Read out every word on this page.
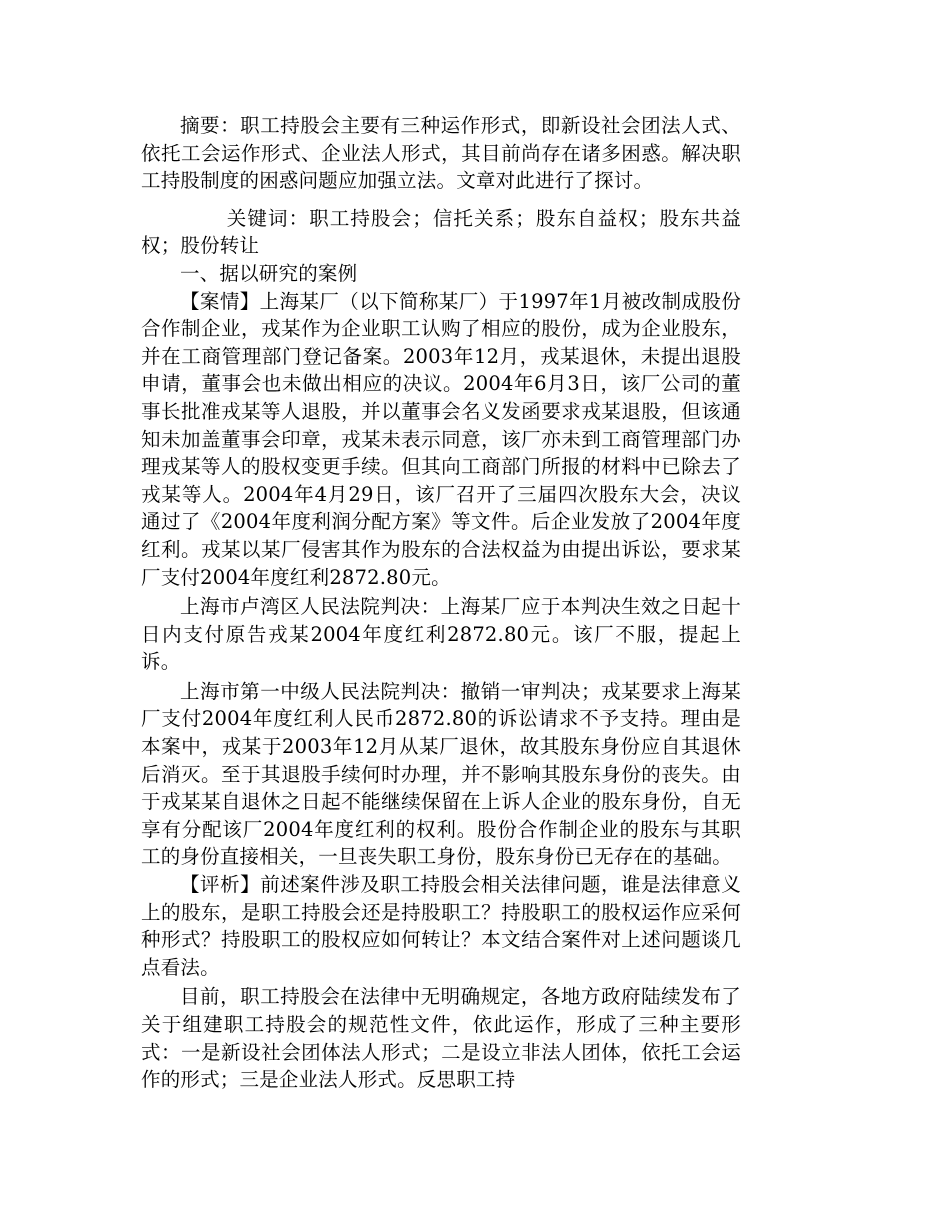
摘要：职工持股会主要有三种运作形式，即新设社会团法人式、依托工会运作形式、企业法人形式，其目前尚存在诸多困惑。解决职工持股制度的困惑问题应加强立法。文章对此进行了探讨。

关键词：职工持股会；信托关系；股东自益权；股东共益权；股份转让

一、据以研究的案例

【案情】上海某厂（以下简称某厂）于1997年1月被改制成股份合作制企业，戎某作为企业职工认购了相应的股份，成为企业股东，并在工商管理部门登记备案。2003年12月，戎某退休，未提出退股申请，董事会也未做出相应的决议。2004年6月3日，该厂公司的董事长批准戎某等人退股，并以董事会名义发函要求戎某退股，但该通知未加盖董事会印章，戎某未表示同意，该厂亦未到工商管理部门办理戎某等人的股权变更手续。但其向工商部门所报的材料中已除去了戎某等人。2004年4月29日，该厂召开了三届四次股东大会，决议通过了《2004年度利润分配方案》等文件。后企业发放了2004年度红利。戎某以某厂侵害其作为股东的合法权益为由提出诉讼，要求某厂支付2004年度红利2872.80元。

上海市卢湾区人民法院判决：上海某厂应于本判决生效之日起十日内支付原告戎某2004年度红利2872.80元。该厂不服，提起上诉。

上海市第一中级人民法院判决：撤销一审判决；戎某要求上海某厂支付2004年度红利人民币2872.80的诉讼请求不予支持。理由是本案中，戎某于2003年12月从某厂退休，故其股东身份应自其退休后消灭。至于其退股手续何时办理，并不影响其股东身份的丧失。由于戎某某自退休之日起不能继续保留在上诉人企业的股东身份，自无享有分配该厂2004年度红利的权利。股份合作制企业的股东与其职工的身份直接相关，一旦丧失职工身份，股东身份已无存在的基础。

【评析】前述案件涉及职工持股会相关法律问题，谁是法律意义上的股东，是职工持股会还是持股职工？持股职工的股权运作应采何种形式？持股职工的股权应如何转让？本文结合案件对上述问题谈几点看法。

目前，职工持股会在法律中无明确规定，各地方政府陆续发布了关于组建职工持股会的规范性文件，依此运作，形成了三种主要形式：一是新设社会团体法人形式；二是设立非法人团体，依托工会运作的形式；三是企业法人形式。反思职工持
